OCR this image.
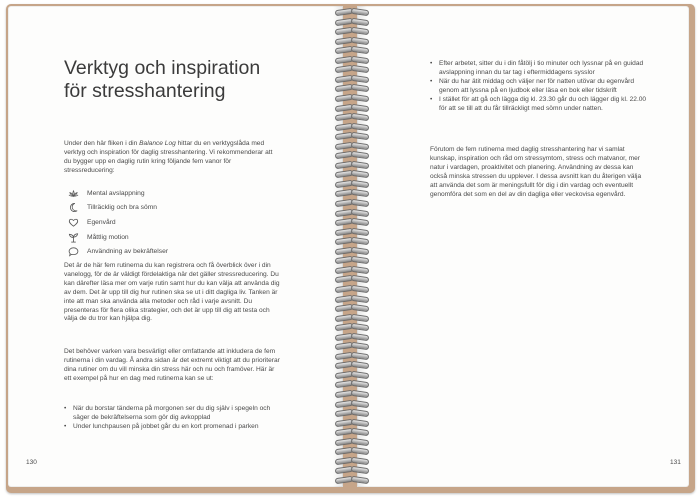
Verktyg och inspiration
för stresshantering

Under den här fliken i din Balance Log hittar du en verktygslåda med verktyg och inspiration för daglig stresshantering. Vi rekommenderar att du bygger upp en daglig rutin kring följande fem vanor för stressreducering:

Mental avslappning
Tillräcklig och bra sömn
Egenvård
Måttlig motion
Användning av bekräftelser

Det är de här fem rutinerna du kan registrera och få överblick över i din vanelogg, för de är väldigt fördelaktiga när det gäller stressreducering. Du kan därefter läsa mer om varje rutin samt hur du kan välja att använda dig av dem. Det är upp till dig hur rutinen ska se ut i ditt dagliga liv. Tanken är inte att man ska använda alla metoder och råd i varje avsnitt. Du presenteras för flera olika strategier, och det är upp till dig att testa och välja de du tror kan hjälpa dig.

Det behöver varken vara besvärligt eller omfattande att inkludera de fem rutinerna i din vardag. Å andra sidan är det extremt viktigt att du prioriterar dina rutiner om du vill minska din stress här och nu och framöver. Här är ett exempel på hur en dag med rutinerna kan se ut:

•	När du borstar tänderna på morgonen ser du dig själv i spegeln och säger de bekräftelserna som gör dig avkopplad
•	Under lunchpausen på jobbet går du en kort promenad i parken
130
•	Efter arbetet, sitter du i din fåtölj i tio minuter och lyssnar på en guidad avslappning innan du tar tag i eftermiddagens sysslor
•	När du har ätit middag och väljer ner för natten utövar du egenvård genom att lyssna på en ljudbok eller läsa en bok eller tidskrift
•	I stället för att gå och lägga dig kl. 23.30 går du och lägger dig kl. 22.00 för att se till att du får tillräckligt med sömn under natten.

Förutom de fem rutinerna med daglig stresshantering har vi samlat kunskap, inspiration och råd om stressymtom, stress och matvanor, mer natur i vardagen, proaktivitet och planering. Användning av dessa kan också minska stressen du upplever. I dessa avsnitt kan du återigen välja att använda det som är meningsfullt för dig i din vardag och eventuellt genomföra det som en del av din dagliga eller veckovisa egenvård.

131
